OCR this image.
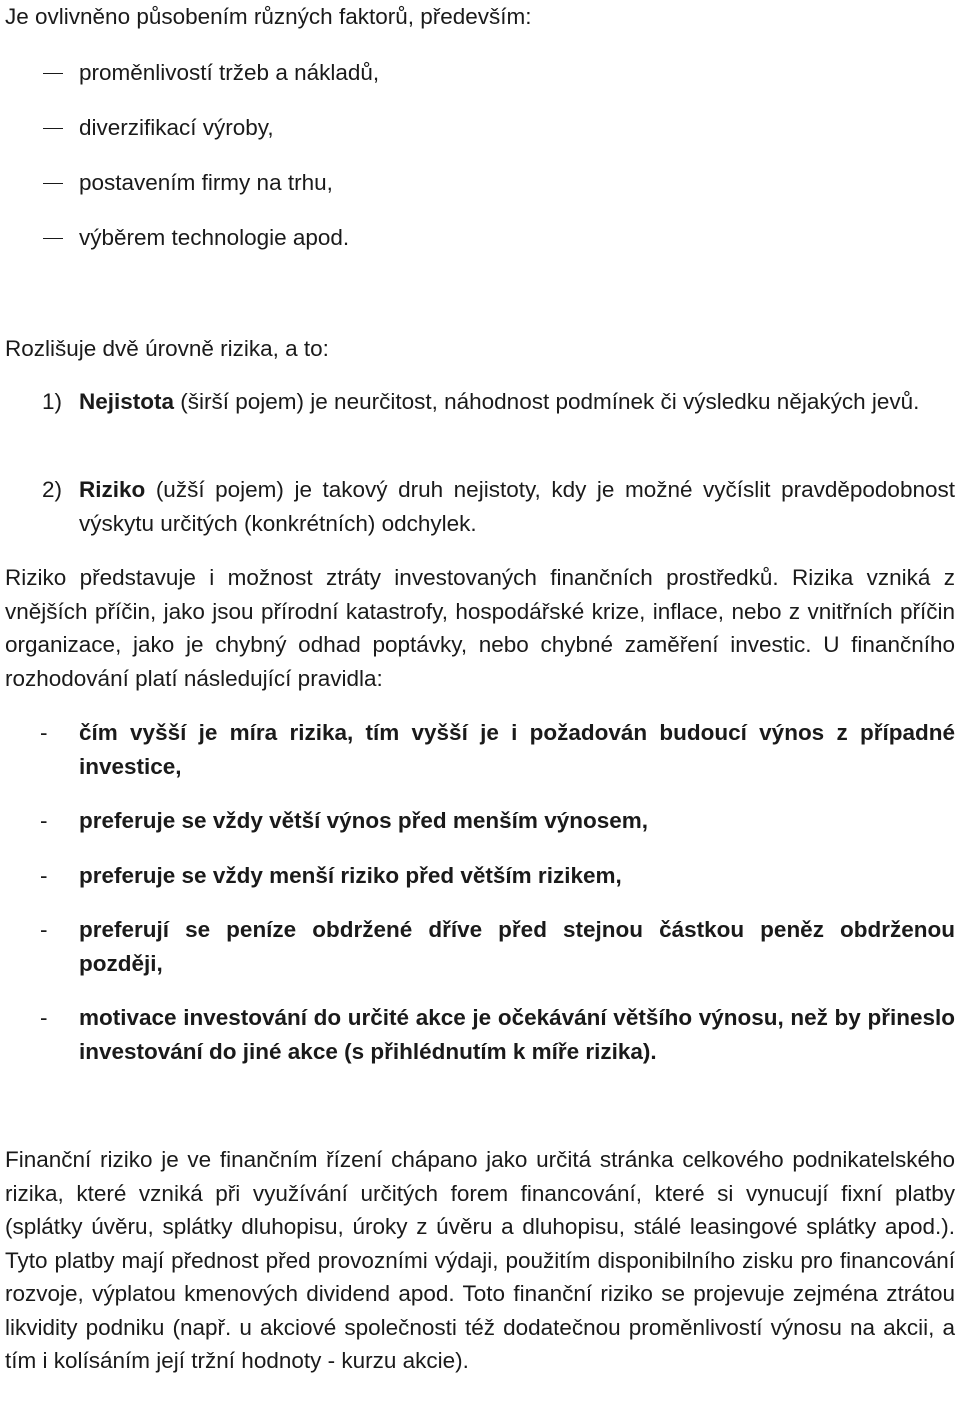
Je ovlivněno působením různých faktorů, především:
proměnlivostí tržeb a nákladů,
diverzifikací výroby,
postavením firmy na trhu,
výběrem technologie apod.
Rozlišuje dvě úrovně rizika, a to:
1) Nejistota (širší pojem) je neurčitost, náhodnost podmínek či výsledku nějakých jevů.
2) Riziko (užší pojem) je takový druh nejistoty, kdy je možné vyčíslit pravděpodobnost výskytu určitých (konkrétních) odchylek.
Riziko představuje i možnost ztráty investovaných finančních prostředků. Rizika vzniká z vnějších příčin, jako jsou přírodní katastrofy, hospodářské krize, inflace, nebo z vnitřních příčin organizace, jako je chybný odhad poptávky, nebo chybné zaměření investic. U finančního rozhodování platí následující pravidla:
- čím vyšší je míra rizika, tím vyšší je i požadován budoucí výnos z případné investice,
- preferuje se vždy větší výnos před menším výnosem,
- preferuje se vždy menší riziko před větším rizikem,
- preferují se peníze obdržené dříve před stejnou částkou peněz obdrženou později,
- motivace investování do určité akce je očekávání většího výnosu, než by přineslo investování do jiné akce (s přihlédnutím k míře rizika).
Finanční riziko je ve finančním řízení chápano jako určitá stránka celkového podnikatelského rizika, které vzniká při využívání určitých forem financování, které si vynucují fixní platby (splátky úvěru, splátky dluhopisu, úroky z úvěru a dluhopisu, stálé leasingové splátky apod.). Tyto platby mají přednost před provozními výdaji, použitím disponibilního zisku pro financování rozvoje, výplatou kmenových dividend apod. Toto finanční riziko se projevuje zejména ztrátou likvidity podniku (např. u akciové společnosti též dodatečnou proměnlivostí výnosu na akcii, a tím i kolísáním její tržní hodnoty - kurzu akcie).
